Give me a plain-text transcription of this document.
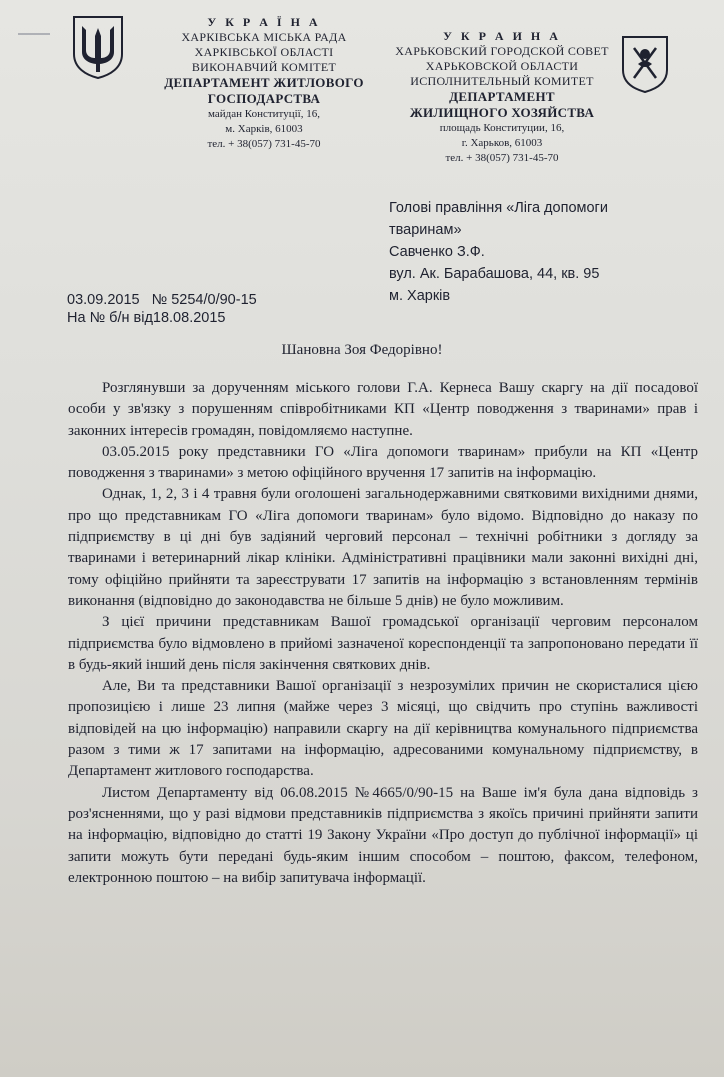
У К Р А Ї Н А
ХАРКІВСЬКА МІСЬКА РАДА
ХАРКІВСЬКОЇ ОБЛАСТІ
ВИКОНАВЧИЙ КОМІТЕТ
ДЕПАРТАМЕНТ ЖИТЛОВОГО
ГОСПОДАРСТВА
майдан Конституції, 16,
м. Харків, 61003
тел. + 38(057) 731-45-70
У К Р А И Н А
ХАРЬКОВСКИЙ ГОРОДСКОЙ СОВЕТ
ХАРЬКОВСКОЙ ОБЛАСТИ
ИСПОЛНИТЕЛЬНЫЙ КОМИТЕТ
ДЕПАРТАМЕНТ
ЖИЛИЩНОГО ХОЗЯЙСТВА
площадь Конституции, 16,
г. Харьков, 61003
тел. + 38(057) 731-45-70
Голові правління «Ліга допомоги
тваринам»
Савченко З.Ф.
вул. Ак. Барабашова, 44, кв. 95
м. Харків
03.09.2015   № 5254/0/90-15
На № б/н від18.08.2015
Шановна Зоя Федорівно!

Розглянувши за дорученням міського голови Г.А. Кернеса Вашу скаргу на дії посадової особи у зв'язку з порушенням співробітниками КП «Центр поводження з тваринами» прав і законних інтересів громадян, повідомляємо наступне.

03.05.2015 року представники ГО «Ліга допомоги тваринам» прибули на КП «Центр поводження з тваринами» з метою офіційного вручення 17 запитів на інформацію.

Однак, 1, 2, 3 і 4 травня були оголошені загальнодержавними святковими вихідними днями, про що представникам ГО «Ліга допомоги тваринам» було відомо. Відповідно до наказу по підприємству в ці дні був задіяний черговий персонал – технічні робітники з догляду за тваринами і ветеринарний лікар клініки. Адміністративні працівники мали законні вихідні дні, тому офіційно прийняти та зареєструвати 17 запитів на інформацію з встановленням термінів виконання (відповідно до законодавства не більше 5 днів) не було можливим.

З цієї причини представникам Вашої громадської організації черговим персоналом підприємства було відмовлено в прийомі зазначеної кореспонденції та запропоновано передати її в будь-який інший день після закінчення святкових днів.

Але, Ви та представники Вашої організації з незрозумілих причин не скористалися цією пропозицією і лише 23 липня (майже через 3 місяці, що свідчить про ступінь важливості відповідей на цю інформацію) направили скаргу на дії керівництва комунального підприємства разом з тими ж 17 запитами на інформацію, адресованими комунальному підприємству, в Департамент житлового господарства.

Листом Департаменту від 06.08.2015 №4665/0/90-15 на Ваше ім'я була дана відповідь з роз'ясненнями, що у разі відмови представників підприємства з якоїсь причині прийняти запити на інформацію, відповідно до статті 19 Закону України «Про доступ до публічної інформації» ці запити можуть бути передані будь-яким іншим способом – поштою, факсом, телефоном, електронною поштою – на вибір запитувача інформації.
